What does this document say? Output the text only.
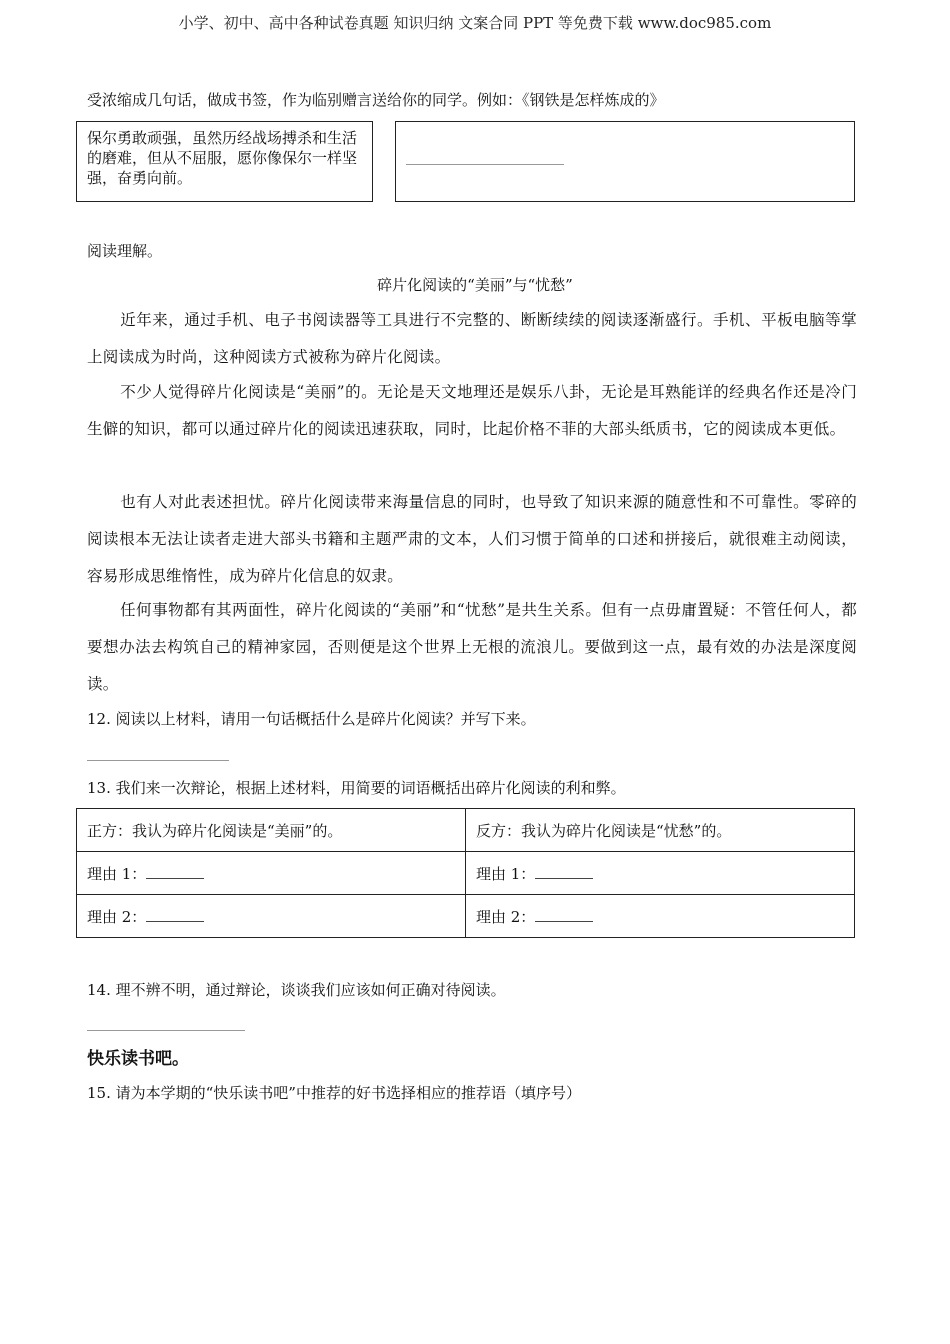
小学、初中、高中各种试卷真题 知识归纳 文案合同 PPT 等免费下载 www.doc985.com
受浓缩成几句话，做成书签，作为临别赠言送给你的同学。例如：《钢铁是怎样炼成的》
保尔勇敢顽强，虽然历经战场搏杀和生活的磨难，但从不屈服，愿你像保尔一样坚强，奋勇向前。
阅读理解。
碎片化阅读的“美丽”与“忧愁”
近年来，通过手机、电子书阅读器等工具进行不完整的、断断续续的阅读逐渐盛行。手机、平板电脑等掌上阅读成为时尚，这种阅读方式被称为碎片化阅读。
不少人觉得碎片化阅读是“美丽”的。无论是天文地理还是娱乐八卦，无论是耳熟能详的经典名作还是冷门生僻的知识，都可以通过碎片化的阅读迅速获取，同时，比起价格不菲的大部头纸质书，它的阅读成本更低。
也有人对此表述担忧。碎片化阅读带来海量信息的同时，也导致了知识来源的随意性和不可靠性。零碎的阅读根本无法让读者走进大部头书籍和主题严肃的文本，人们习惯于简单的口述和拼接后，就很难主动阅读，容易形成思维惰性，成为碎片化信息的奴隶。
任何事物都有其两面性，碎片化阅读的“美丽”和“忧愁”是共生关系。但有一点毋庸置疑：不管任何人，都要想办法去构筑自己的精神家园，否则便是这个世界上无根的流浪儿。要做到这一点，最有效的办法是深度阅读。
12. 阅读以上材料，请用一句话概括什么是碎片化阅读？并写下来。
13. 我们来一次辩论，根据上述材料，用简要的词语概括出碎片化阅读的利和弊。
正方：我认为碎片化阅读是“美丽”的。	反方：我认为碎片化阅读是“忧愁”的。
理由 1：	理由 1：
理由 2：	理由 2：
14. 理不辨不明，通过辩论，谈谈我们应该如何正确对待阅读。
快乐读书吧。
15. 请为本学期的“快乐读书吧”中推荐的好书选择相应的推荐语（填序号）
